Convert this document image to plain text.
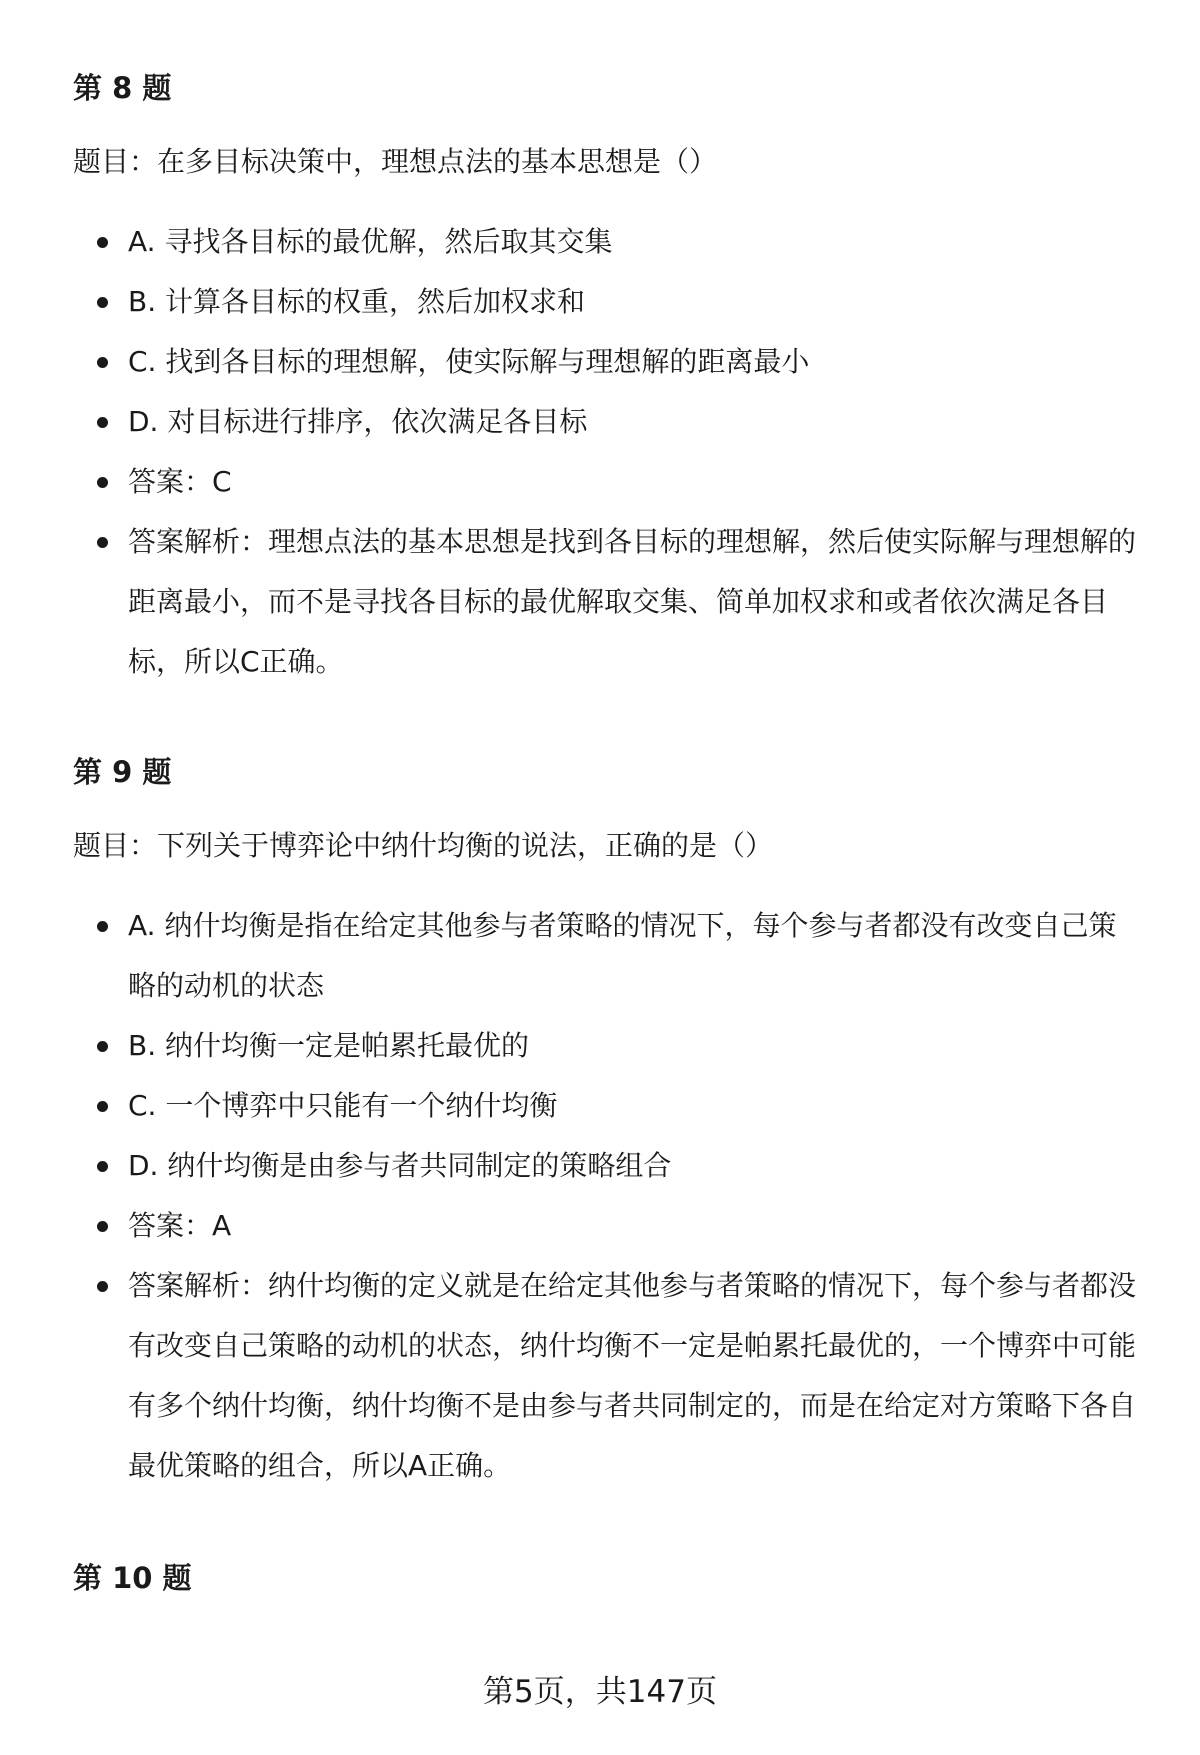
第 8 题

题目：在多目标决策中，理想点法的基本思想是（）

A. 寻找各目标的最优解，然后取其交集
B. 计算各目标的权重，然后加权求和
C. 找到各目标的理想解，使实际解与理想解的距离最小
D. 对目标进行排序，依次满足各目标
答案：C
答案解析：理想点法的基本思想是找到各目标的理想解，然后使实际解与理想解的距离最小，而不是寻找各目标的最优解取交集、简单加权求和或者依次满足各目标，所以C正确。
第 9 题

题目：下列关于博弈论中纳什均衡的说法，正确的是（）

A. 纳什均衡是指在给定其他参与者策略的情况下，每个参与者都没有改变自己策略的动机的状态
B. 纳什均衡一定是帕累托最优的
C. 一个博弈中只能有一个纳什均衡
D. 纳什均衡是由参与者共同制定的策略组合
答案：A
答案解析：纳什均衡的定义就是在给定其他参与者策略的情况下，每个参与者都没有改变自己策略的动机的状态，纳什均衡不一定是帕累托最优的，一个博弈中可能有多个纳什均衡，纳什均衡不是由参与者共同制定的，而是在给定对方策略下各自最优策略的组合，所以A正确。
第 10 题
第5页，共147页
